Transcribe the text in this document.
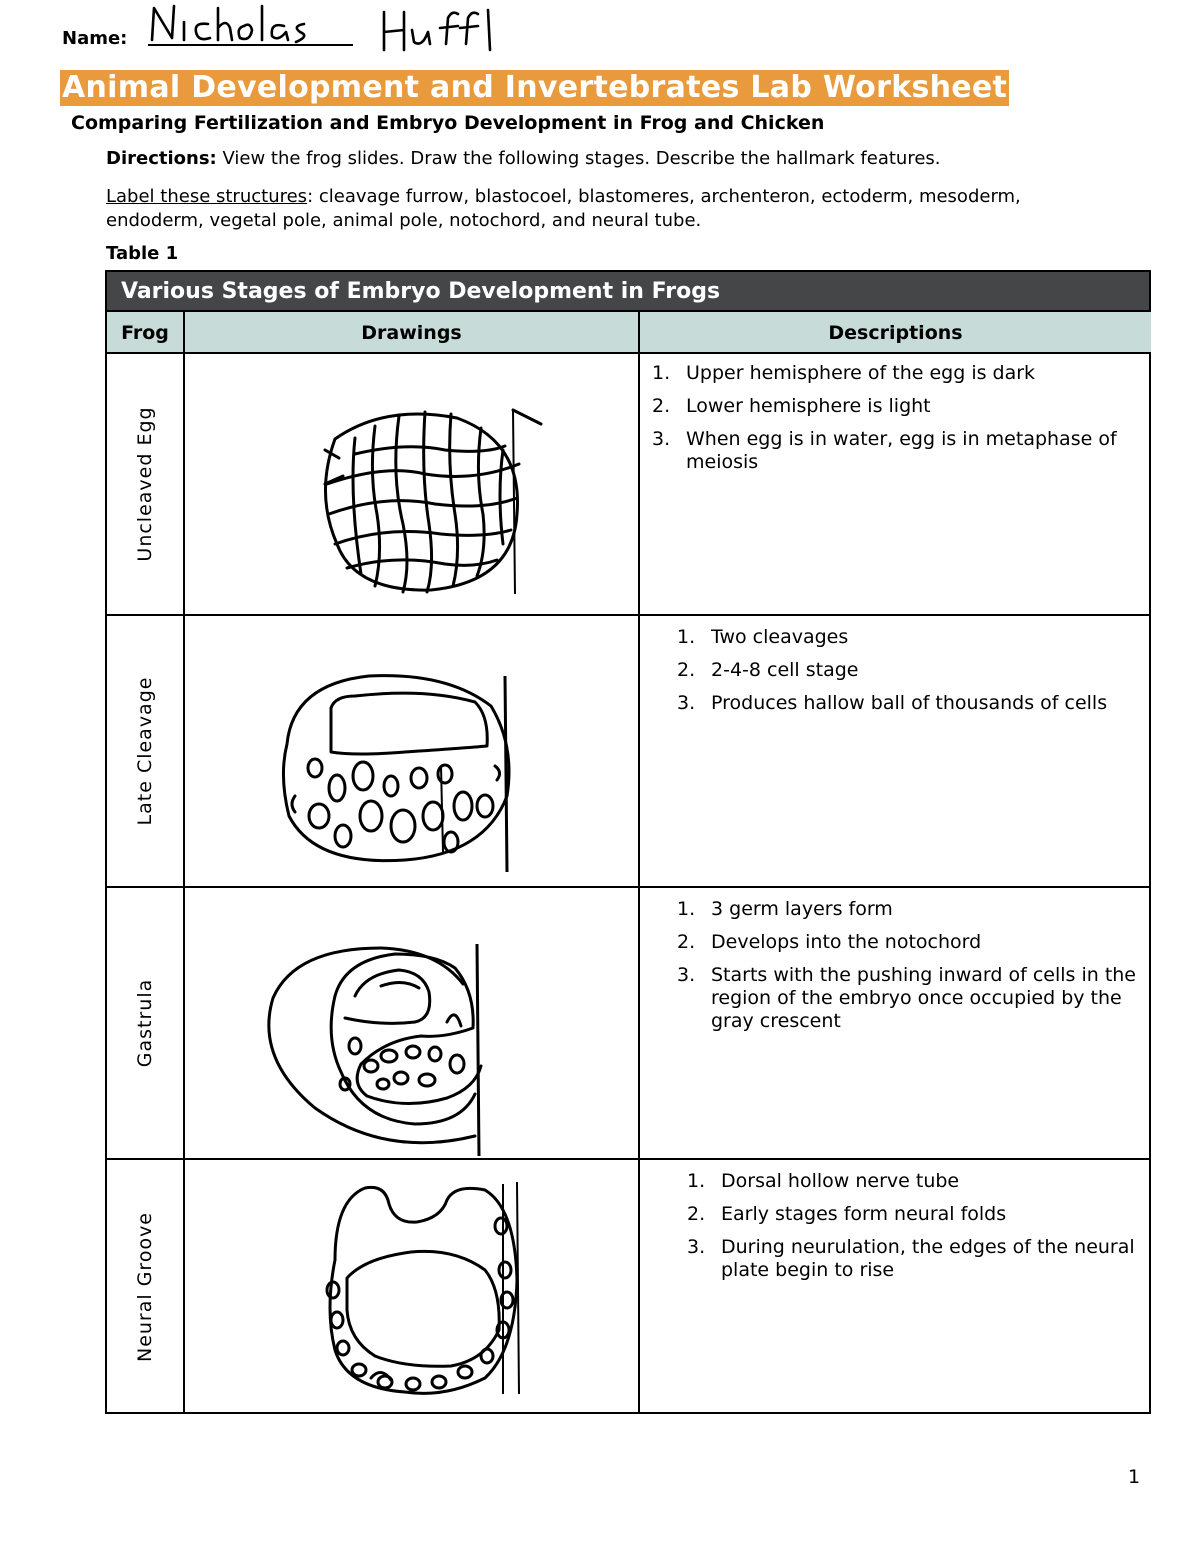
Name:
Animal Development and Invertebrates Lab Worksheet
Comparing Fertilization and Embryo Development in Frog and Chicken
Directions: View the frog slides. Draw the following stages. Describe the hallmark features.
Label these structures: cleavage furrow, blastocoel, blastomeres, archenteron, ectoderm, mesoderm, endoderm, vegetal pole, animal pole, notochord, and neural tube.
Table 1
Various Stages of Embryo Development in Frogs
Frog	Drawings	Descriptions
Uncleaved Egg
1. Upper hemisphere of the egg is dark
2. Lower hemisphere is light
3. When egg is in water, egg is in metaphase of meiosis
Late Cleavage
1. Two cleavages
2. 2-4-8 cell stage
3. Produces hallow ball of thousands of cells
Gastrula
1. 3 germ layers form
2. Develops into the notochord
3. Starts with the pushing inward of cells in the region of the embryo once occupied by the gray crescent
Neural Groove
1. Dorsal hollow nerve tube
2. Early stages form neural folds
3. During neurulation, the edges of the neural plate begin to rise
1
